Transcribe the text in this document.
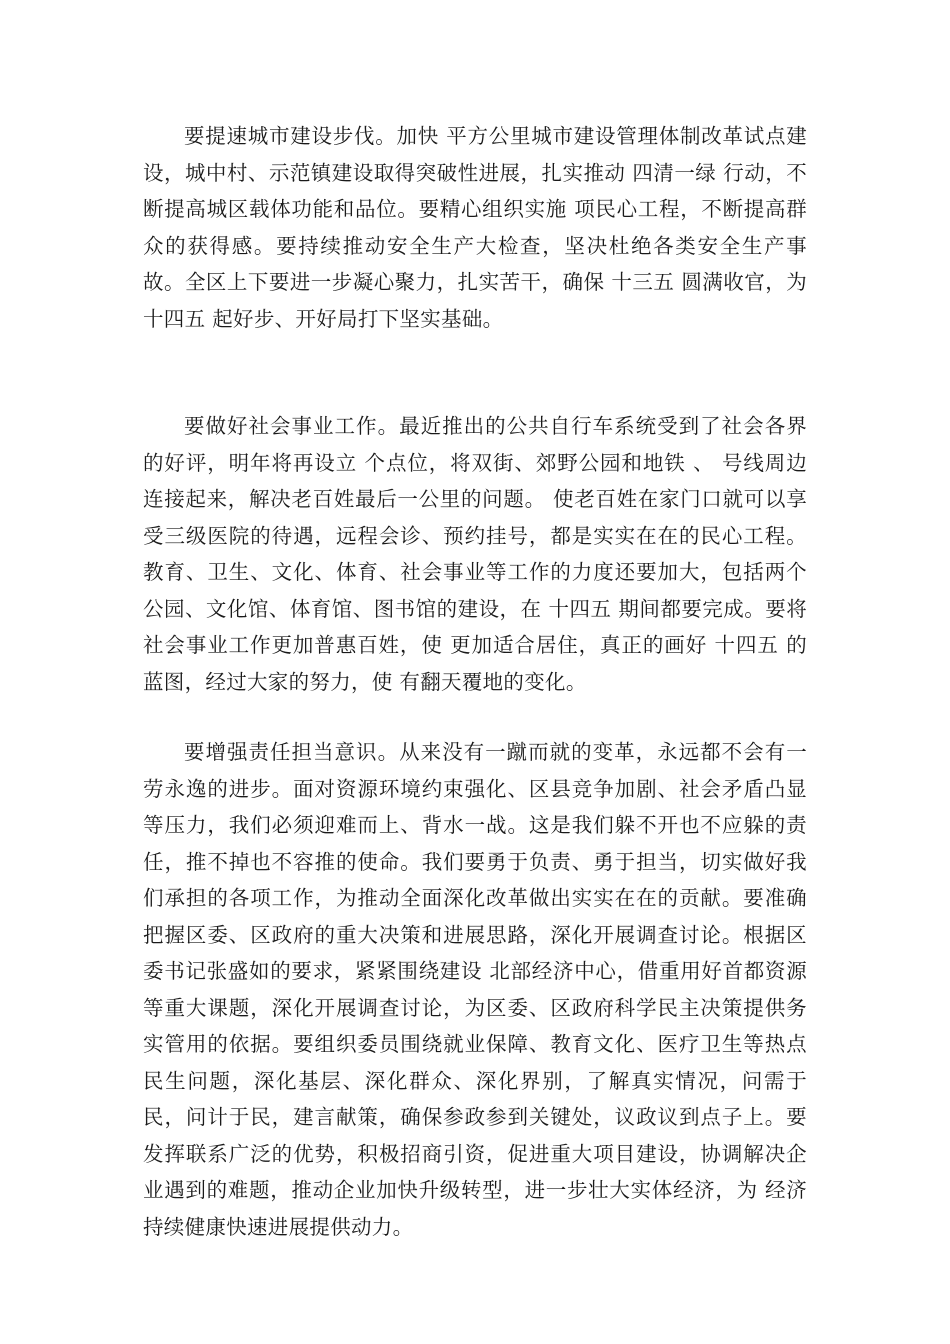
要提速城市建设步伐。加快 平方公里城市建设管理体制改革试点建设，城中村、示范镇建设取得突破性进展，扎实推动 四清一绿 行动，不断提高城区载体功能和品位。要精心组织实施 项民心工程，不断提高群众的获得感。要持续推动安全生产大检查，坚决杜绝各类安全生产事故。全区上下要进一步凝心聚力，扎实苦干，确保 十三五 圆满收官，为 十四五 起好步、开好局打下坚实基础。

要做好社会事业工作。最近推出的公共自行车系统受到了社会各界的好评，明年将再设立 个点位，将双街、郊野公园和地铁 、 号线周边连接起来，解决老百姓最后一公里的问题。 使老百姓在家门口就可以享受三级医院的待遇，远程会诊、预约挂号，都是实实在在的民心工程。教育、卫生、文化、体育、社会事业等工作的力度还要加大，包括两个公园、文化馆、体育馆、图书馆的建设，在 十四五 期间都要完成。要将社会事业工作更加普惠百姓，使 更加适合居住，真正的画好 十四五 的蓝图，经过大家的努力，使 有翻天覆地的变化。

要增强责任担当意识。从来没有一蹴而就的变革，永远都不会有一劳永逸的进步。面对资源环境约束强化、区县竞争加剧、社会矛盾凸显等压力，我们必须迎难而上、背水一战。这是我们躲不开也不应躲的责任，推不掉也不容推的使命。我们要勇于负责、勇于担当，切实做好我们承担的各项工作，为推动全面深化改革做出实实在在的贡献。要准确把握区委、区政府的重大决策和进展思路，深化开展调查讨论。根据区委书记张盛如的要求，紧紧围绕建设 北部经济中心，借重用好首都资源等重大课题，深化开展调查讨论，为区委、区政府科学民主决策提供务实管用的依据。要组织委员围绕就业保障、教育文化、医疗卫生等热点民生问题，深化基层、深化群众、深化界别，了解真实情况，问需于民，问计于民，建言献策，确保参政参到关键处，议政议到点子上。要发挥联系广泛的优势，积极招商引资，促进重大项目建设，协调解决企业遇到的难题，推动企业加快升级转型，进一步壮大实体经济，为 经济持续健康快速进展提供动力。
